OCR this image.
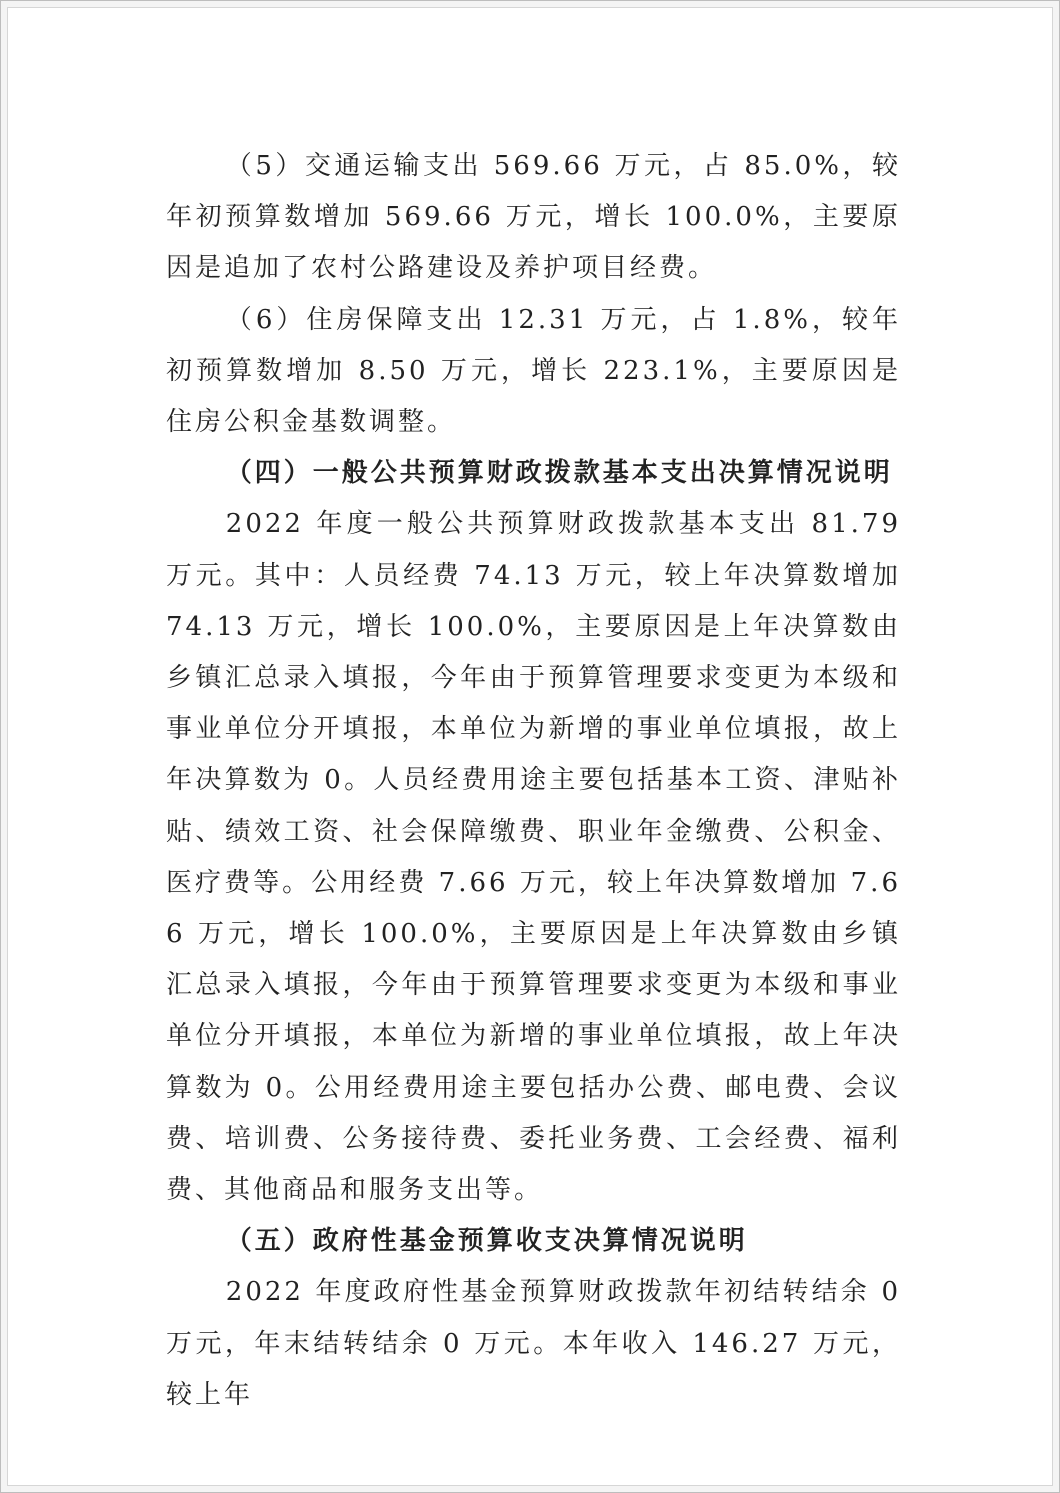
（5）交通运输支出 569.66 万元，占 85.0%，较年初预算数增加 569.66 万元，增长 100.0%，主要原因是追加了农村公路建设及养护项目经费。

（6）住房保障支出 12.31 万元，占 1.8%，较年初预算数增加 8.50 万元，增长 223.1%，主要原因是住房公积金基数调整。

（四）一般公共预算财政拨款基本支出决算情况说明

2022 年度一般公共预算财政拨款基本支出 81.79 万元。其中：人员经费 74.13 万元，较上年决算数增加 74.13 万元，增长 100.0%，主要原因是上年决算数由乡镇汇总录入填报，今年由于预算管理要求变更为本级和事业单位分开填报，本单位为新增的事业单位填报，故上年决算数为 0。人员经费用途主要包括基本工资、津贴补贴、绩效工资、社会保障缴费、职业年金缴费、公积金、医疗费等。公用经费 7.66 万元，较上年决算数增加 7.66 万元，增长 100.0%，主要原因是上年决算数由乡镇汇总录入填报，今年由于预算管理要求变更为本级和事业单位分开填报，本单位为新增的事业单位填报，故上年决算数为 0。公用经费用途主要包括办公费、邮电费、会议费、培训费、公务接待费、委托业务费、工会经费、福利费、其他商品和服务支出等。

（五）政府性基金预算收支决算情况说明

2022 年度政府性基金预算财政拨款年初结转结余 0 万元，年末结转结余 0 万元。本年收入 146.27 万元，较上年
